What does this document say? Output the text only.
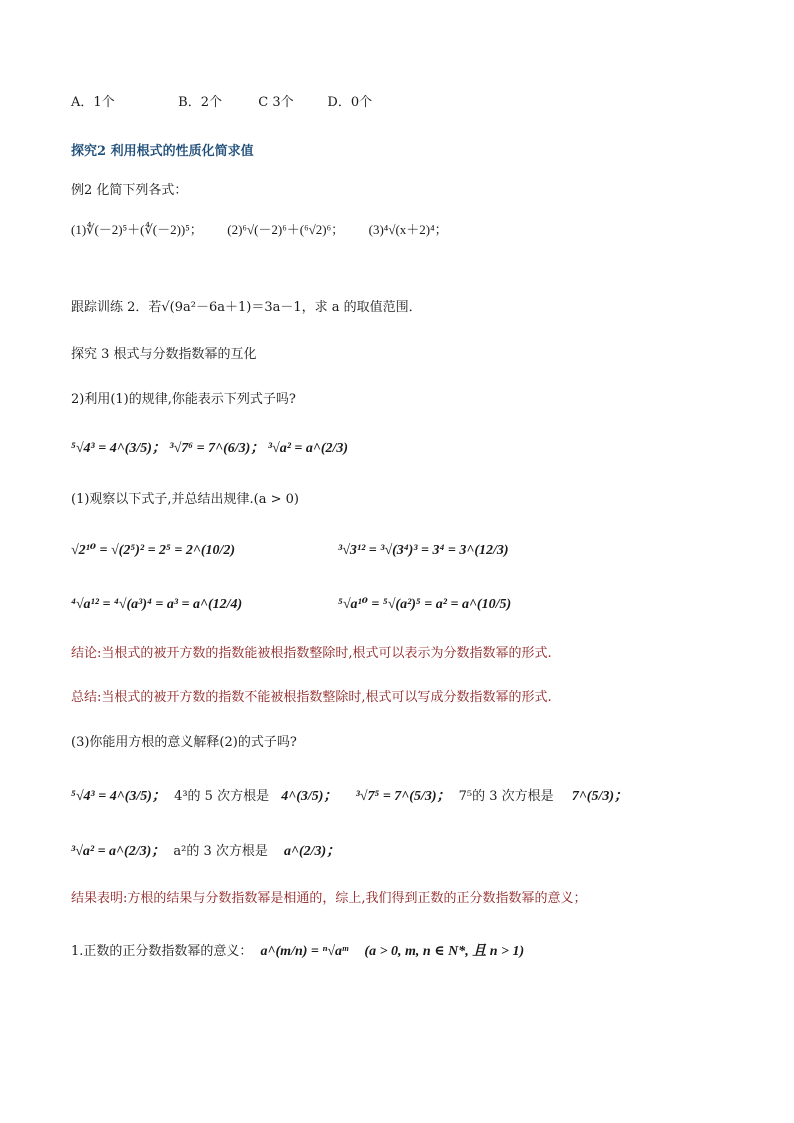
A．1个	B．2个	C 3个	D．0个
探究2 利用根式的性质化简求值
例2 化简下列各式：
(1)∜(－2)⁵＋(∜(－2))⁵； (2)⁶√(－2)⁶＋(⁶√2)⁶； (3)⁴√(x＋2)⁴；
跟踪训练 2．若√(9a²－6a＋1)＝3a－1，求 a 的取值范围．
探究 3 根式与分数指数幂的互化
2)利用(1)的规律,你能表示下列式子吗?
⁵√4³ = 4^(3/5)； ³√7⁶ = 7^(6/3)； ³√a² = a^(2/3)
(1)观察以下式子,并总结出规律.(a > 0)
√2¹⁰ = √(2⁵)² = 2⁵ = 2^(10/2)	³√3¹² = ³√(3⁴)³ = 3⁴ = 3^(12/3)
⁴√a¹² = ⁴√(a³)⁴ = a³ = a^(12/4)	⁵√a¹⁰ = ⁵√(a²)⁵ = a² = a^(10/5)
结论:当根式的被开方数的指数能被根指数整除时,根式可以表示为分数指数幂的形式.
总结:当根式的被开方数的指数不能被根指数整除时,根式可以写成分数指数幂的形式.
(3)你能用方根的意义解释(2)的式子吗?
⁵√4³ = 4^(3/5)； 4³的 5 次方根是 4^(3/5)； ³√7⁵ = 7^(5/3)； 7⁵的 3 次方根是 7^(5/3)；
³√a² = a^(2/3)； a²的 3 次方根是 a^(2/3)；
结果表明:方根的结果与分数指数幂是相通的，综上,我们得到正数的正分数指数幂的意义；
1.正数的正分数指数幂的意义： a^(m/n) = ⁿ√aᵐ (a > 0, m, n ∈ N*, 且 n > 1)
